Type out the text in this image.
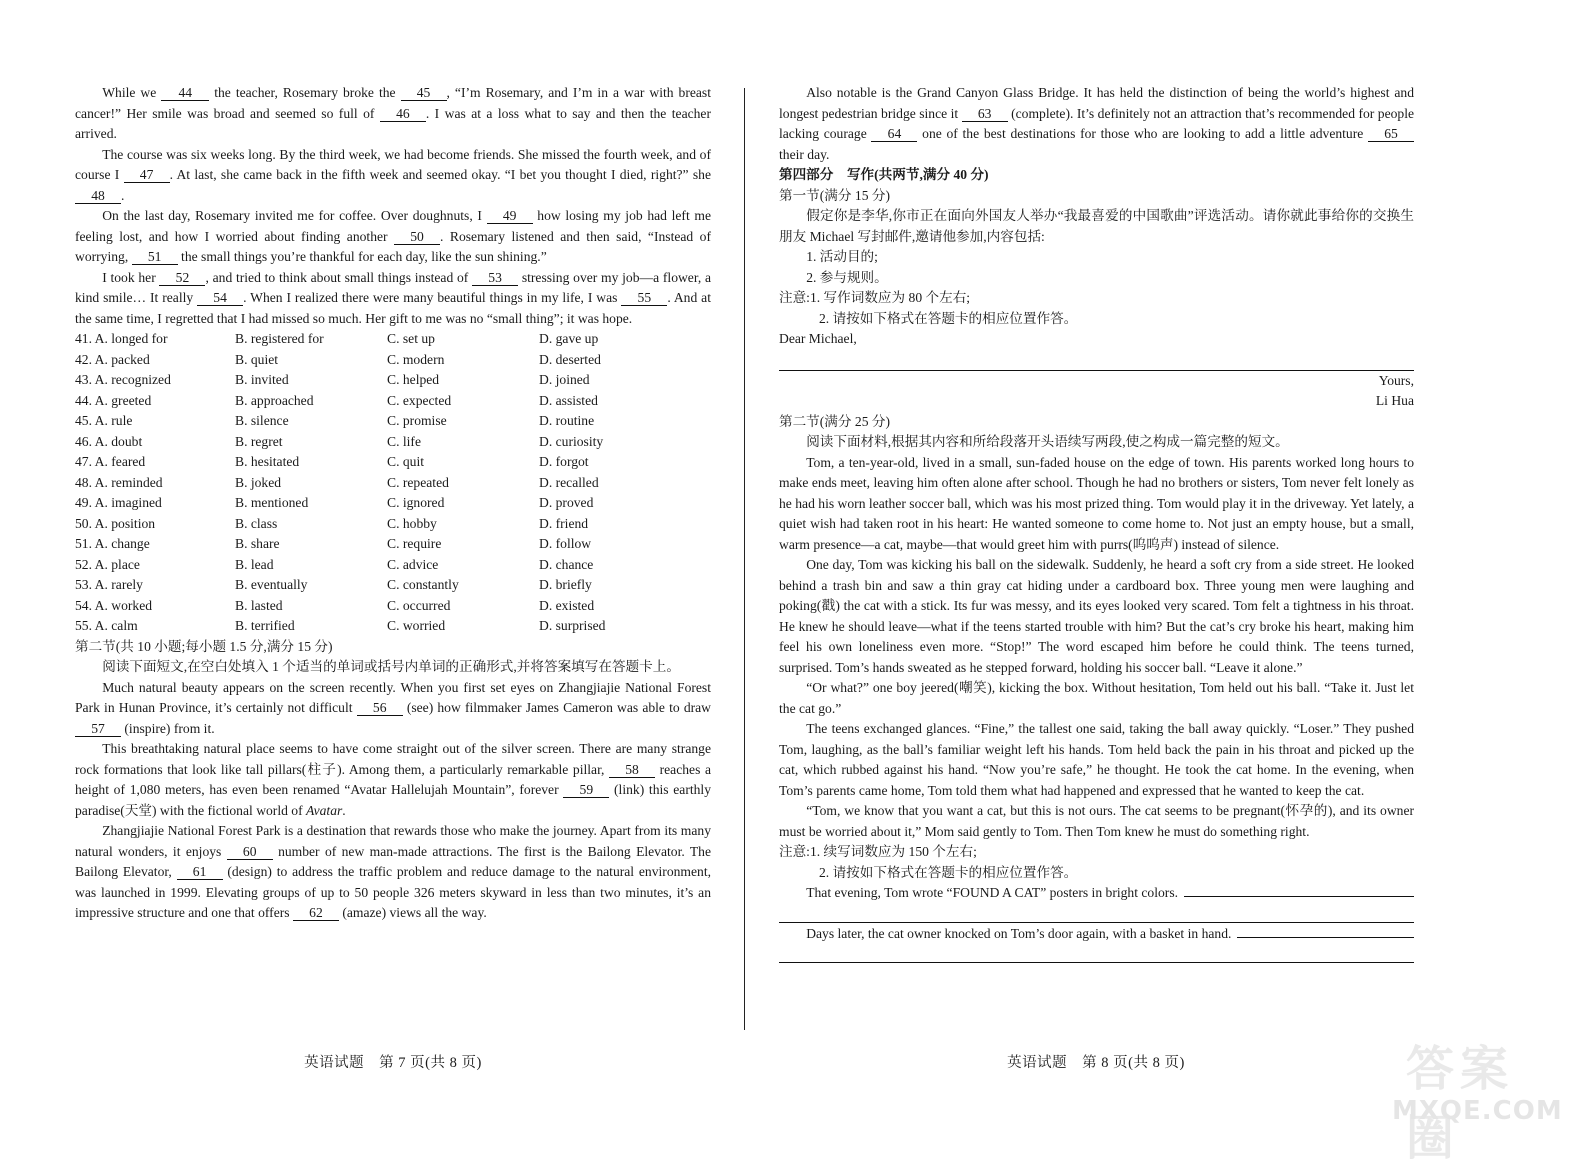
While we 44 the teacher, Rosemary broke the 45 , “I’m Rosemary, and I’m in a war with breast cancer!” Her smile was broad and seemed so full of 46 . I was at a loss what to say and then the teacher arrived.

The course was six weeks long. By the third week, we had become friends. She missed the fourth week, and of course I 47 . At last, she came back in the fifth week and seemed okay. “I bet you thought I died, right?” she 48 .

On the last day, Rosemary invited me for coffee. Over doughnuts, I 49 how losing my job had left me feeling lost, and how I worried about finding another 50 . Rosemary listened and then said, “Instead of worrying, 51 the small things you’re thankful for each day, like the sun shining.”

I took her 52 , and tried to think about small things instead of 53 stressing over my job—a flower, a kind smile… It really 54 . When I realized there were many beautiful things in my life, I was 55 . And at the same time, I regretted that I had missed so much. Her gift to me was no “small thing”; it was hope.

41. A. longed for	B. registered for	C. set up	D. gave up
42. A. packed	B. quiet	C. modern	D. deserted
43. A. recognized	B. invited	C. helped	D. joined
44. A. greeted	B. approached	C. expected	D. assisted
45. A. rule	B. silence	C. promise	D. routine
46. A. doubt	B. regret	C. life	D. curiosity
47. A. feared	B. hesitated	C. quit	D. forgot
48. A. reminded	B. joked	C. repeated	D. recalled
49. A. imagined	B. mentioned	C. ignored	D. proved
50. A. position	B. class	C. hobby	D. friend
51. A. change	B. share	C. require	D. follow
52. A. place	B. lead	C. advice	D. chance
53. A. rarely	B. eventually	C. constantly	D. briefly
54. A. worked	B. lasted	C. occurred	D. existed
55. A. calm	B. terrified	C. worried	D. surprised

第二节(共 10 小题;每小题 1.5 分,满分 15 分)

阅读下面短文,在空白处填入 1 个适当的单词或括号内单词的正确形式,并将答案填写在答题卡上。

Much natural beauty appears on the screen recently. When you first set eyes on Zhangjiajie National Forest Park in Hunan Province, it’s certainly not difficult 56 (see) how filmmaker James Cameron was able to draw 57 (inspire) from it.

This breathtaking natural place seems to have come straight out of the silver screen. There are many strange rock formations that look like tall pillars(柱子). Among them, a particularly remarkable pillar, 58 reaches a height of 1,080 meters, has even been renamed “Avatar Hallelujah Mountain”, forever 59 (link) this earthly paradise(天堂) with the fictional world of Avatar.

Zhangjiajie National Forest Park is a destination that rewards those who make the journey. Apart from its many natural wonders, it enjoys 60 number of new man-made attractions. The first is the Bailong Elevator. The Bailong Elevator, 61 (design) to address the traffic problem and reduce damage to the natural environment, was launched in 1999. Elevating groups of up to 50 people 326 meters skyward in less than two minutes, it’s an impressive structure and one that offers 62 (amaze) views all the way.

Also notable is the Grand Canyon Glass Bridge. It has held the distinction of being the world’s highest and longest pedestrian bridge since it 63 (complete). It’s definitely not an attraction that’s recommended for people lacking courage 64 one of the best destinations for those who are looking to add a little adventure 65 their day.

第四部分　写作(共两节,满分 40 分)

第一节(满分 15 分)

假定你是李华,你市正在面向外国友人举办“我最喜爱的中国歌曲”评选活动。请你就此事给你的交换生朋友 Michael 写封邮件,邀请他参加,内容包括:

1. 活动目的;

2. 参与规则。

注意:1. 写作词数应为 80 个左右;

2. 请按如下格式在答题卡的相应位置作答。

Dear Michael,

Yours,

Li Hua

第二节(满分 25 分)

阅读下面材料,根据其内容和所给段落开头语续写两段,使之构成一篇完整的短文。

Tom, a ten-year-old, lived in a small, sun-faded house on the edge of town. His parents worked long hours to make ends meet, leaving him often alone after school. Though he had no brothers or sisters, Tom never felt lonely as he had his worn leather soccer ball, which was his most prized thing. Tom would play it in the driveway. Yet lately, a quiet wish had taken root in his heart: He wanted someone to come home to. Not just an empty house, but a small, warm presence—a cat, maybe—that would greet him with purrs(呜呜声) instead of silence.

One day, Tom was kicking his ball on the sidewalk. Suddenly, he heard a soft cry from a side street. He looked behind a trash bin and saw a thin gray cat hiding under a cardboard box. Three young men were laughing and poking(戳) the cat with a stick. Its fur was messy, and its eyes looked very scared. Tom felt a tightness in his throat. He knew he should leave—what if the teens started trouble with him? But the cat’s cry broke his heart, making him feel his own loneliness even more. “Stop!” The word escaped him before he could think. The teens turned, surprised. Tom’s hands sweated as he stepped forward, holding his soccer ball. “Leave it alone.”

“Or what?” one boy jeered(嘲笑), kicking the box. Without hesitation, Tom held out his ball. “Take it. Just let the cat go.”

The teens exchanged glances. “Fine,” the tallest one said, taking the ball away quickly. “Loser.” They pushed Tom, laughing, as the ball’s familiar weight left his hands. Tom held back the pain in his throat and picked up the cat, which rubbed against his hand. “Now you’re safe,” he thought. He took the cat home. In the evening, when Tom’s parents came home, Tom told them what had happened and expressed that he wanted to keep the cat.

“Tom, we know that you want a cat, but this is not ours. The cat seems to be pregnant(怀孕的), and its owner must be worried about it,” Mom said gently to Tom. Then Tom knew he must do something right.

注意:1. 续写词数应为 150 个左右;

2. 请按如下格式在答题卡的相应位置作答。

That evening, Tom wrote “FOUND A CAT” posters in bright colors.

Days later, the cat owner knocked on Tom’s door again, with a basket in hand.

英语试题　第 7 页(共 8 页)	英语试题　第 8 页(共 8 页)	答案圈
MXQE.COM
